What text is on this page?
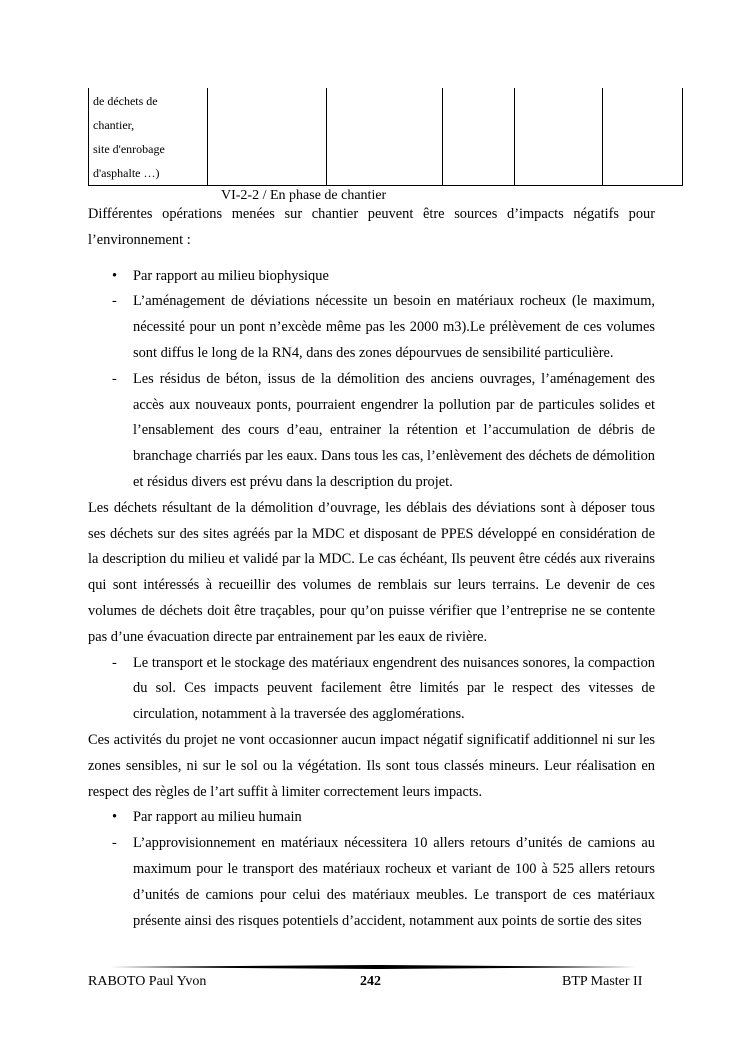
de déchets de
chantier,
site d'enrobage
d'asphalte …)
VI-2-2 / En phase de chantier
Différentes opérations menées sur chantier peuvent être sources d’impacts négatifs pour l’environnement :
• Par rapport au milieu biophysique
- L’aménagement de déviations nécessite un besoin en matériaux rocheux (le maximum, nécessité pour un pont n’excède même pas les 2000 m3).Le prélèvement de ces volumes sont diffus le long de la RN4, dans des zones dépourvues de sensibilité particulière.
- Les résidus de béton, issus de la démolition des anciens ouvrages, l’aménagement des accès aux nouveaux ponts, pourraient engendrer la pollution par de particules solides et l’ensablement des cours d’eau, entrainer la rétention et l’accumulation de débris de branchage charriés par les eaux. Dans tous les cas, l’enlèvement des déchets de démolition et résidus divers est prévu dans la description du projet.
Les déchets résultant de la démolition d’ouvrage, les déblais des déviations sont à déposer tous ses déchets sur des sites agréés par la MDC et disposant de PPES développé en considération de la description du milieu et validé par la MDC. Le cas échéant, Ils peuvent être cédés aux riverains qui sont intéressés à recueillir des volumes de remblais sur leurs terrains. Le devenir de ces volumes de déchets doit être traçables, pour qu’on puisse vérifier que l’entreprise ne se contente pas d’une évacuation directe par entrainement par les eaux de rivière.
- Le transport et le stockage des matériaux engendrent des nuisances sonores, la compaction du sol. Ces impacts peuvent facilement être limités par le respect des vitesses de circulation, notamment à la traversée des agglomérations.
Ces activités du projet ne vont occasionner aucun impact négatif significatif additionnel ni sur les zones sensibles, ni sur le sol ou la végétation. Ils sont tous classés mineurs. Leur réalisation en respect des règles de l’art suffit à limiter correctement leurs impacts.
• Par rapport au milieu humain
- L’approvisionnement en matériaux nécessitera 10 allers retours d’unités de camions au maximum pour le transport des matériaux rocheux et variant de 100 à 525 allers retours d’unités de camions pour celui des matériaux meubles. Le transport de ces matériaux présente ainsi des risques potentiels d’accident, notamment aux points de sortie des sites
RABOTO Paul Yvon	242	BTP Master II
